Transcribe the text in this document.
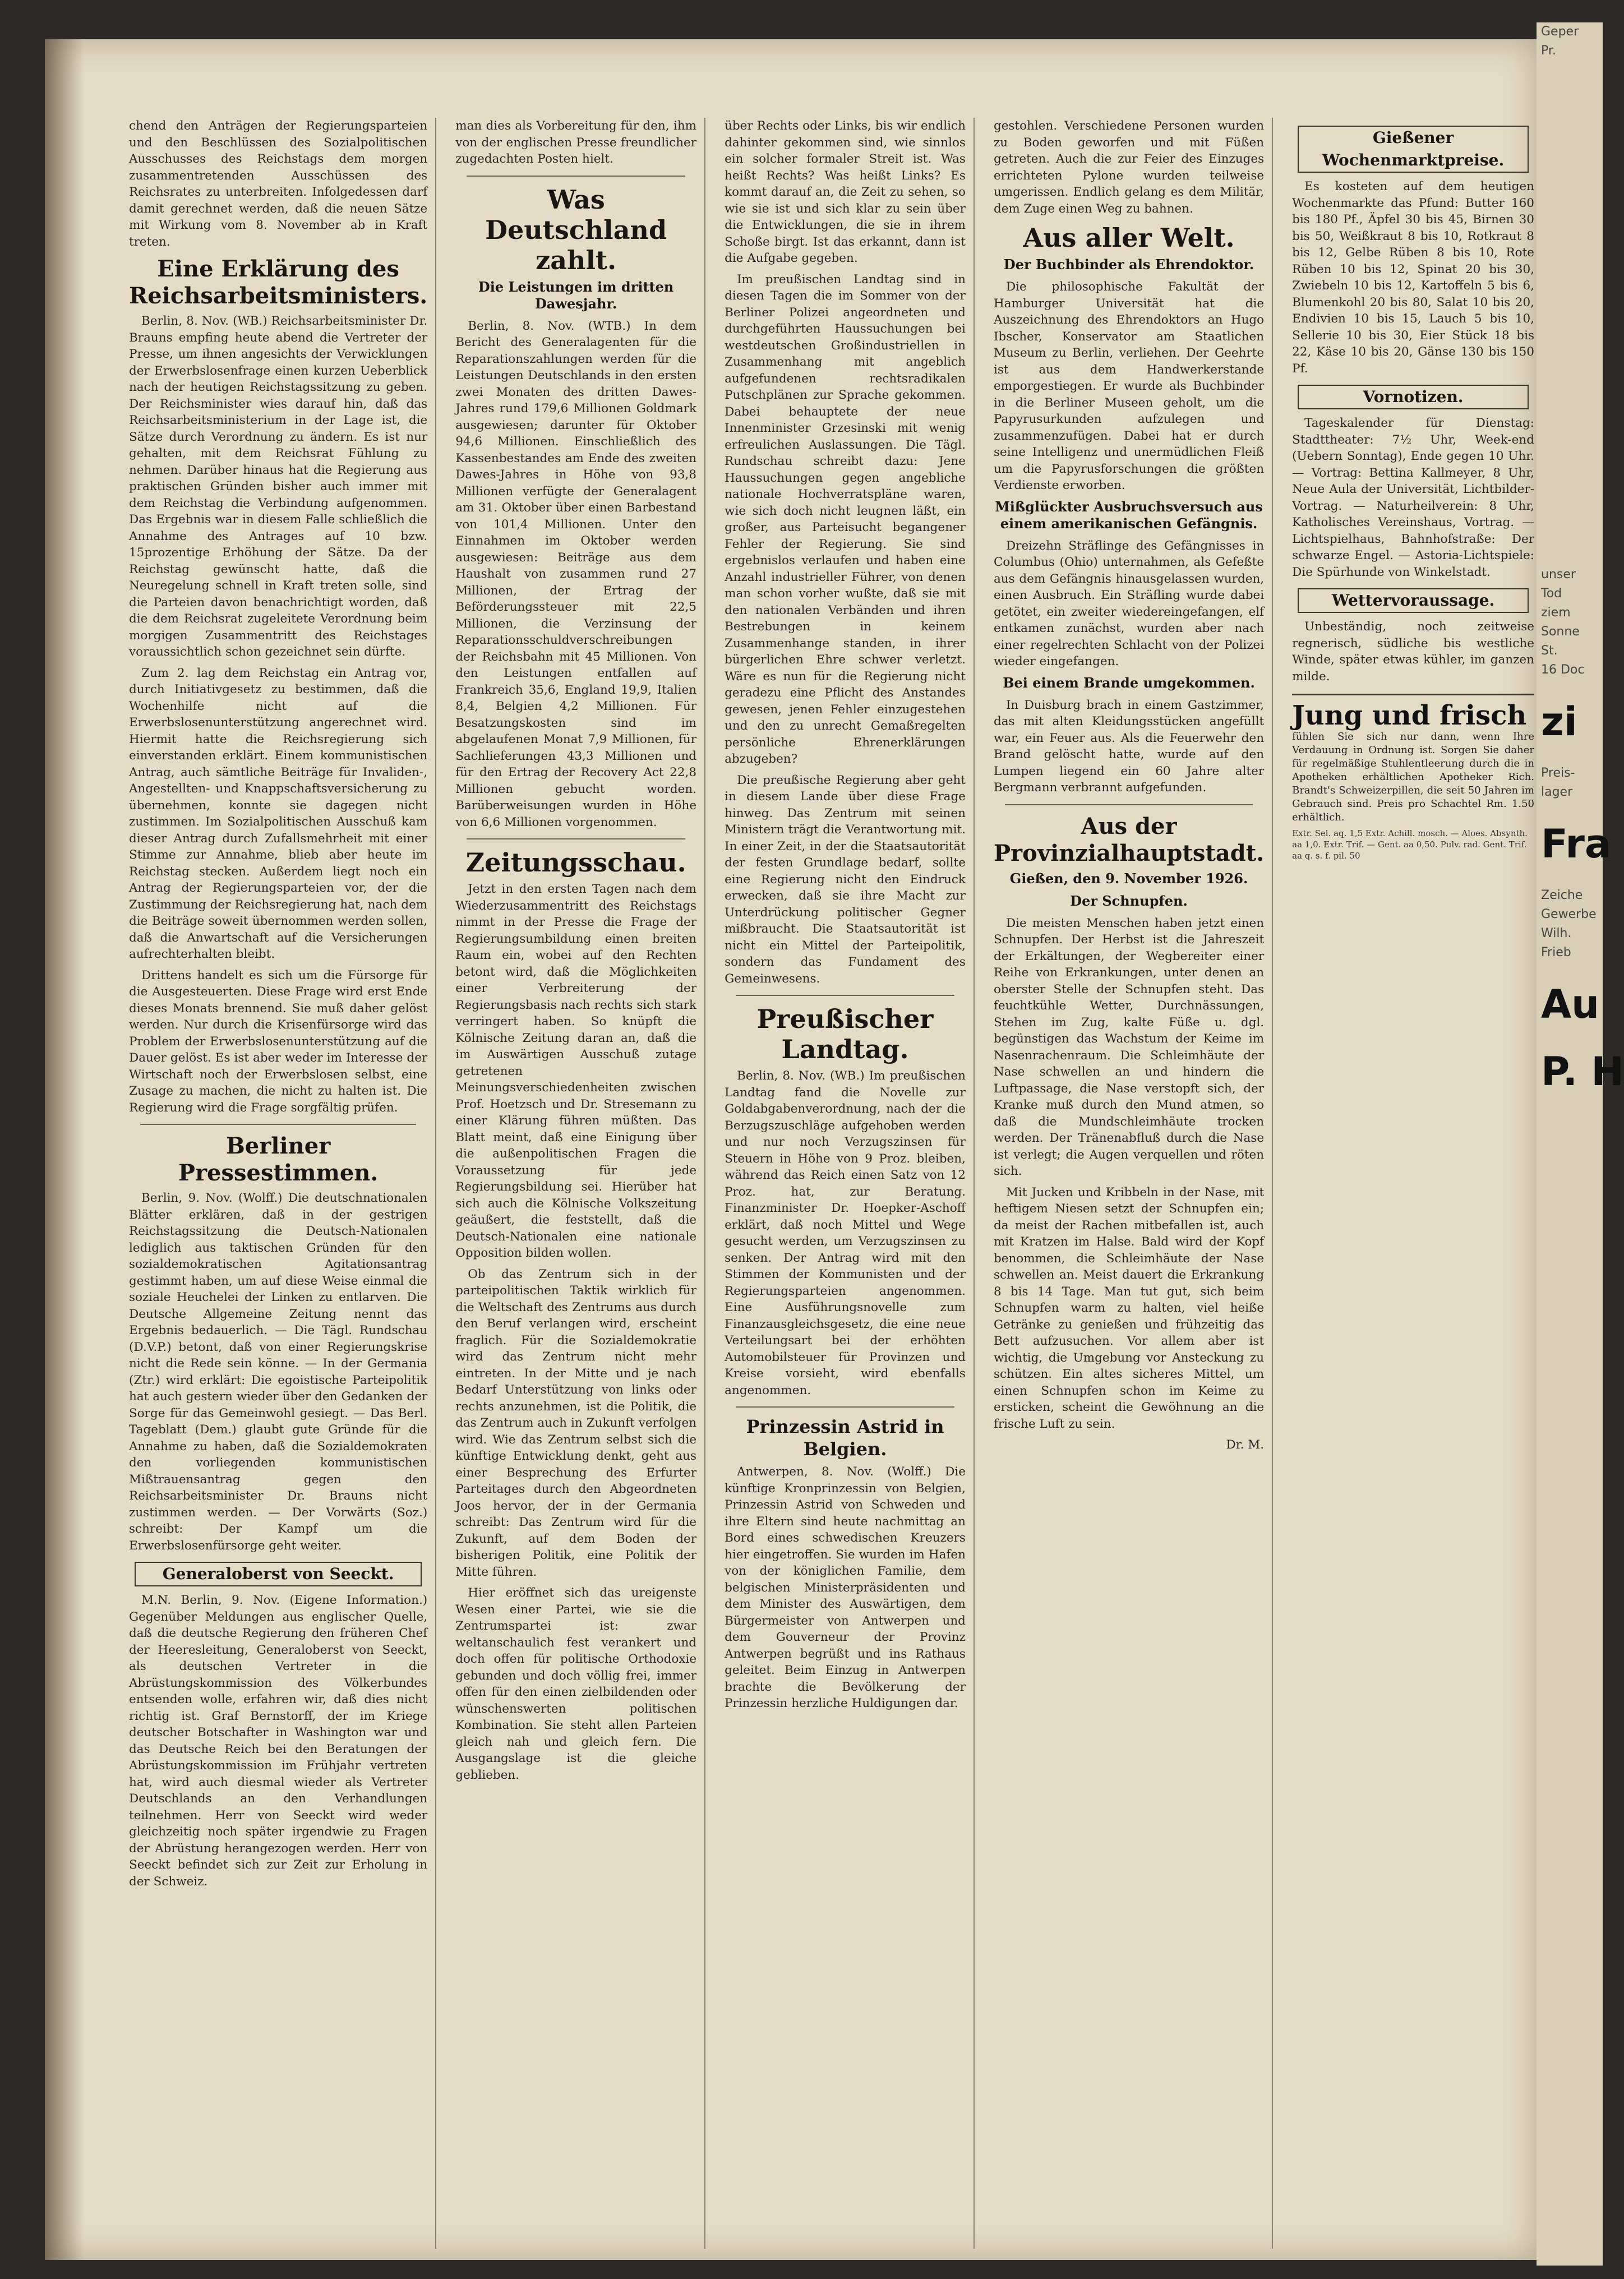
chend den Anträgen der Regierungsparteien und den Beschlüssen des Sozialpolitischen Ausschusses des Reichstags dem morgen zusammentretenden Ausschüssen des Reichsrates zu unterbreiten. Infolgedessen darf damit gerechnet werden, daß die neuen Sätze mit Wirkung vom 8. November ab in Kraft treten.

Eine Erklärung des Reichsarbeitsministers.

Berlin, 8. Nov. (WB.) Reichsarbeitsminister Dr. Brauns empfing heute abend die Vertreter der Presse, um ihnen angesichts der Verwicklungen der Erwerbslosenfrage einen kurzen Ueberblick nach der heutigen Reichstagssitzung zu geben. Der Reichsminister wies darauf hin, daß das Reichsarbeitsministerium in der Lage ist, die Sätze durch Verordnung zu ändern. Es ist nur gehalten, mit dem Reichsrat Fühlung zu nehmen. Darüber hinaus hat die Regierung aus praktischen Gründen bisher auch immer mit dem Reichstag die Verbindung aufgenommen. Das Ergebnis war in diesem Falle schließlich die Annahme des Antrages auf 10 bzw. 15prozentige Erhöhung der Sätze. Da der Reichstag gewünscht hatte, daß die Neuregelung schnell in Kraft treten solle, sind die Parteien davon benachrichtigt worden, daß die dem Reichsrat zugeleitete Verordnung beim morgigen Zusammentritt des Reichstages voraussichtlich schon gezeichnet sein dürfte.

Zum 2. lag dem Reichstag ein Antrag vor, durch Initiativgesetz zu bestimmen, daß die Wochenhilfe nicht auf die Erwerbslosenunterstützung angerechnet wird. Hiermit hatte die Reichsregierung sich einverstanden erklärt. Einem kommunistischen Antrag, auch sämtliche Beiträge für Invaliden-, Angestellten- und Knappschaftsversicherung zu übernehmen, konnte sie dagegen nicht zustimmen. Im Sozialpolitischen Ausschuß kam dieser Antrag durch Zufallsmehrheit mit einer Stimme zur Annahme, blieb aber heute im Reichstag stecken. Außerdem liegt noch ein Antrag der Regierungsparteien vor, der die Zustimmung der Reichsregierung hat, nach dem die Beiträge soweit übernommen werden sollen, daß die Anwartschaft auf die Versicherungen aufrechterhalten bleibt.

Drittens handelt es sich um die Fürsorge für die Ausgesteuerten. Diese Frage wird erst Ende dieses Monats brennend. Sie muß daher gelöst werden. Nur durch die Krisenfürsorge wird das Problem der Erwerbslosenunterstützung auf die Dauer gelöst. Es ist aber weder im Interesse der Wirtschaft noch der Erwerbslosen selbst, eine Zusage zu machen, die nicht zu halten ist. Die Regierung wird die Frage sorgfältig prüfen.

Berliner Pressestimmen.

Berlin, 9. Nov. (Wolff.) Die deutschnationalen Blätter erklären, daß in der gestrigen Reichstagssitzung die Deutsch-Nationalen lediglich aus taktischen Gründen für den sozialdemokratischen Agitationsantrag gestimmt haben, um auf diese Weise einmal die soziale Heuchelei der Linken zu entlarven. Die Deutsche Allgemeine Zeitung nennt das Ergebnis bedauerlich. — Die Tägl. Rundschau (D.V.P.) betont, daß von einer Regierungskrise nicht die Rede sein könne. — In der Germania (Ztr.) wird erklärt: Die egoistische Parteipolitik hat auch gestern wieder über den Gedanken der Sorge für das Gemeinwohl gesiegt. — Das Berl. Tageblatt (Dem.) glaubt gute Gründe für die Annahme zu haben, daß die Sozialdemokraten den vorliegenden kommunistischen Mißtrauensantrag gegen den Reichsarbeitsminister Dr. Brauns nicht zustimmen werden. — Der Vorwärts (Soz.) schreibt: Der Kampf um die Erwerbslosenfürsorge geht weiter.

Generaloberst von Seeckt.

M.N. Berlin, 9. Nov. (Eigene Information.) Gegenüber Meldungen aus englischer Quelle, daß die deutsche Regierung den früheren Chef der Heeresleitung, Generaloberst von Seeckt, als deutschen Vertreter in die Abrüstungskommission des Völkerbundes entsenden wolle, erfahren wir, daß dies nicht richtig ist. Graf Bernstorff, der im Kriege deutscher Botschafter in Washington war und das Deutsche Reich bei den Beratungen der Abrüstungskommission im Frühjahr vertreten hat, wird auch diesmal wieder als Vertreter Deutschlands an den Verhandlungen teilnehmen. Herr von Seeckt wird weder gleichzeitig noch später irgendwie zu Fragen der Abrüstung herangezogen werden. Herr von Seeckt befindet sich zur Zeit zur Erholung in der Schweiz.

man dies als Vorbereitung für den, ihm von der englischen Presse freundlicher zugedachten Posten hielt.

Was Deutschland zahlt.
Die Leistungen im dritten Dawesjahr.

Berlin, 8. Nov. (WTB.) In dem Bericht des Generalagenten für die Reparationszahlungen werden für die Leistungen Deutschlands in den ersten zwei Monaten des dritten Dawes-Jahres rund 179,6 Millionen Goldmark ausgewiesen; darunter für Oktober 94,6 Millionen. Einschließlich des Kassenbestandes am Ende des zweiten Dawes-Jahres in Höhe von 93,8 Millionen verfügte der Generalagent am 31. Oktober über einen Barbestand von 101,4 Millionen. Unter den Einnahmen im Oktober werden ausgewiesen: Beiträge aus dem Haushalt von zusammen rund 27 Millionen, der Ertrag der Beförderungssteuer mit 22,5 Millionen, die Verzinsung der Reparationsschuldverschreibungen der Reichsbahn mit 45 Millionen. Von den Leistungen entfallen auf Frankreich 35,6, England 19,9, Italien 8,4, Belgien 4,2 Millionen. Für Besatzungskosten sind im abgelaufenen Monat 7,9 Millionen, für Sachlieferungen 43,3 Millionen und für den Ertrag der Recovery Act 22,8 Millionen gebucht worden. Barüberweisungen wurden in Höhe von 6,6 Millionen vorgenommen.

Zeitungsschau.

Jetzt in den ersten Tagen nach dem Wiederzusammentritt des Reichstags nimmt in der Presse die Frage der Regierungsumbildung einen breiten Raum ein, wobei auf den Rechten betont wird, daß die Möglichkeiten einer Verbreiterung der Regierungsbasis nach rechts sich stark verringert haben. So knüpft die Kölnische Zeitung daran an, daß die im Auswärtigen Ausschuß zutage getretenen Meinungsverschiedenheiten zwischen Prof. Hoetzsch und Dr. Stresemann zu einer Klärung führen müßten. Das Blatt meint, daß eine Einigung über die außenpolitischen Fragen die Voraussetzung für jede Regierungsbildung sei. Hierüber hat sich auch die Kölnische Volkszeitung geäußert, die feststellt, daß die Deutsch-Nationalen eine nationale Opposition bilden wollen.

Ob das Zentrum sich in der parteipolitischen Taktik wirklich für die Weltschaft des Zentrums aus durch den Beruf verlangen wird, erscheint fraglich. Für die Sozialdemokratie wird das Zentrum nicht mehr eintreten. In der Mitte und je nach Bedarf Unterstützung von links oder rechts anzunehmen, ist die Politik, die das Zentrum auch in Zukunft verfolgen wird. Wie das Zentrum selbst sich die künftige Entwicklung denkt, geht aus einer Besprechung des Erfurter Parteitages durch den Abgeordneten Joos hervor, der in der Germania schreibt: Das Zentrum wird für die Zukunft, auf dem Boden der bisherigen Politik, eine Politik der Mitte führen.

Hier eröffnet sich das ureigenste Wesen einer Partei, wie sie die Zentrumspartei ist: zwar weltanschaulich fest verankert und doch offen für politische Orthodoxie gebunden und doch völlig frei, immer offen für den einen zielbildenden oder wünschenswerten politischen Kombination. Sie steht allen Parteien gleich nah und gleich fern. Die Ausgangslage ist die gleiche geblieben.

über Rechts oder Links, bis wir endlich dahinter gekommen sind, wie sinnlos ein solcher formaler Streit ist. Was heißt Rechts? Was heißt Links? Es kommt darauf an, die Zeit zu sehen, so wie sie ist und sich klar zu sein über die Entwicklungen, die sie in ihrem Schoße birgt. Ist das erkannt, dann ist die Aufgabe gegeben.

Im preußischen Landtag sind in diesen Tagen die im Sommer von der Berliner Polizei angeordneten und durchgeführten Haussuchungen bei westdeutschen Großindustriellen in Zusammenhang mit angeblich aufgefundenen rechtsradikalen Putschplänen zur Sprache gekommen. Dabei behauptete der neue Innenminister Grzesinski mit wenig erfreulichen Auslassungen. Die Tägl. Rundschau schreibt dazu: Jene Haussuchungen gegen angebliche nationale Hochverratspläne waren, wie sich doch nicht leugnen läßt, ein großer, aus Parteisucht begangener Fehler der Regierung. Sie sind ergebnislos verlaufen und haben eine Anzahl industrieller Führer, von denen man schon vorher wußte, daß sie mit den nationalen Verbänden und ihren Bestrebungen in keinem Zusammenhange standen, in ihrer bürgerlichen Ehre schwer verletzt. Wäre es nun für die Regierung nicht geradezu eine Pflicht des Anstandes gewesen, jenen Fehler einzugestehen und den zu unrecht Gemaßregelten persönliche Ehrenerklärungen abzugeben?

Die preußische Regierung aber geht in diesem Lande über diese Frage hinweg. Das Zentrum mit seinen Ministern trägt die Verantwortung mit. In einer Zeit, in der die Staatsautorität der festen Grundlage bedarf, sollte eine Regierung nicht den Eindruck erwecken, daß sie ihre Macht zur Unterdrückung politischer Gegner mißbraucht. Die Staatsautorität ist nicht ein Mittel der Parteipolitik, sondern das Fundament des Gemeinwesens.

Preußischer Landtag.

Berlin, 8. Nov. (WB.) Im preußischen Landtag fand die Novelle zur Goldabgabenverordnung, nach der die Berzugszuschläge aufgehoben werden und nur noch Verzugszinsen für Steuern in Höhe von 9 Proz. bleiben, während das Reich einen Satz von 12 Proz. hat, zur Beratung. Finanzminister Dr. Hoepker-Aschoff erklärt, daß noch Mittel und Wege gesucht werden, um Verzugszinsen zu senken. Der Antrag wird mit den Stimmen der Kommunisten und der Regierungsparteien angenommen. Eine Ausführungsnovelle zum Finanzausgleichsgesetz, die eine neue Verteilungsart bei der erhöhten Automobilsteuer für Provinzen und Kreise vorsieht, wird ebenfalls angenommen.

Prinzessin Astrid in Belgien.

Antwerpen, 8. Nov. (Wolff.) Die künftige Kronprinzessin von Belgien, Prinzessin Astrid von Schweden und ihre Eltern sind heute nachmittag an Bord eines schwedischen Kreuzers hier eingetroffen. Sie wurden im Hafen von der königlichen Familie, dem belgischen Ministerpräsidenten und dem Minister des Auswärtigen, dem Bürgermeister von Antwerpen und dem Gouverneur der Provinz Antwerpen begrüßt und ins Rathaus geleitet. Beim Einzug in Antwerpen brachte die Bevölkerung der Prinzessin herzliche Huldigungen dar.

gestohlen. Verschiedene Personen wurden zu Boden geworfen und mit Füßen getreten. Auch die zur Feier des Einzuges errichteten Pylone wurden teilweise umgerissen. Endlich gelang es dem Militär, dem Zuge einen Weg zu bahnen.

Aus aller Welt.
Der Buchbinder als Ehrendoktor.

Die philosophische Fakultät der Hamburger Universität hat die Auszeichnung des Ehrendoktors an Hugo Ibscher, Konservator am Staatlichen Museum zu Berlin, verliehen. Der Geehrte ist aus dem Handwerkerstande emporgestiegen. Er wurde als Buchbinder in die Berliner Museen geholt, um die Papyrusurkunden aufzulegen und zusammenzufügen. Dabei hat er durch seine Intelligenz und unermüdlichen Fleiß um die Papyrusforschungen die größten Verdienste erworben.

Mißglückter Ausbruchsversuch aus einem amerikanischen Gefängnis.

Dreizehn Sträflinge des Gefängnisses in Columbus (Ohio) unternahmen, als Gefeßte aus dem Gefängnis hinausgelassen wurden, einen Ausbruch. Ein Sträfling wurde dabei getötet, ein zweiter wiedereingefangen, elf entkamen zunächst, wurden aber nach einer regelrechten Schlacht von der Polizei wieder eingefangen.

Bei einem Brande umgekommen.

In Duisburg brach in einem Gastzimmer, das mit alten Kleidungsstücken angefüllt war, ein Feuer aus. Als die Feuerwehr den Brand gelöscht hatte, wurde auf den Lumpen liegend ein 60 Jahre alter Bergmann verbrannt aufgefunden.

Aus der Provinzialhauptstadt.
Gießen, den 9. November 1926.
Der Schnupfen.

Die meisten Menschen haben jetzt einen Schnupfen. Der Herbst ist die Jahreszeit der Erkältungen, der Wegbereiter einer Reihe von Erkrankungen, unter denen an oberster Stelle der Schnupfen steht. Das feuchtkühle Wetter, Durchnässungen, Stehen im Zug, kalte Füße u. dgl. begünstigen das Wachstum der Keime im Nasenrachenraum. Die Schleimhäute der Nase schwellen an und hindern die Luftpassage, die Nase verstopft sich, der Kranke muß durch den Mund atmen, so daß die Mundschleimhäute trocken werden. Der Tränenabfluß durch die Nase ist verlegt; die Augen verquellen und röten sich.

Mit Jucken und Kribbeln in der Nase, mit heftigem Niesen setzt der Schnupfen ein; da meist der Rachen mitbefallen ist, auch mit Kratzen im Halse. Bald wird der Kopf benommen, die Schleimhäute der Nase schwellen an. Meist dauert die Erkrankung 8 bis 14 Tage. Man tut gut, sich beim Schnupfen warm zu halten, viel heiße Getränke zu genießen und frühzeitig das Bett aufzusuchen. Vor allem aber ist wichtig, die Umgebung vor Ansteckung zu schützen. Ein altes sicheres Mittel, um einen Schnupfen schon im Keime zu ersticken, scheint die Gewöhnung an die frische Luft zu sein.

Dr. M.

Gießener Wochenmarktpreise.

Es kosteten auf dem heutigen Wochenmarkte das Pfund: Butter 160 bis 180 Pf., Äpfel 30 bis 45, Birnen 30 bis 50, Weißkraut 8 bis 10, Rotkraut 8 bis 12, Gelbe Rüben 8 bis 10, Rote Rüben 10 bis 12, Spinat 20 bis 30, Zwiebeln 10 bis 12, Kartoffeln 5 bis 6, Blumenkohl 20 bis 80, Salat 10 bis 20, Endivien 10 bis 15, Lauch 5 bis 10, Sellerie 10 bis 30, Eier Stück 18 bis 22, Käse 10 bis 20, Gänse 130 bis 150 Pf.

Vornotizen.

Tageskalender für Dienstag: Stadttheater: 7½ Uhr, Week-end (Uebern Sonntag), Ende gegen 10 Uhr. — Vortrag: Bettina Kallmeyer, 8 Uhr, Neue Aula der Universität, Lichtbilder-Vortrag. — Naturheilverein: 8 Uhr, Katholisches Vereinshaus, Vortrag. — Lichtspielhaus, Bahnhofstraße: Der schwarze Engel. — Astoria-Lichtspiele: Die Spürhunde von Winkelstadt.

Wettervoraussage.

Unbeständig, noch zeitweise regnerisch, südliche bis westliche Winde, später etwas kühler, im ganzen milde.

Jung und frisch
fühlen Sie sich nur dann, wenn Ihre Verdauung in Ordnung ist. Sorgen Sie daher für regelmäßige Stuhlentleerung durch die in Apotheken erhältlichen Apotheker Rich. Brandt's Schweizerpillen, die seit 50 Jahren im Gebrauch sind. Preis pro Schachtel Rm. 1.50 erhältlich.
Extr. Sel. aq. 1,5 Extr. Achill. mosch. — Aloes. Absynth. aa 1,0. Extr. Trif. — Gent. aa 0,50. Pulv. rad. Gent. Trif. aa q. s. f. pil. 50
Geper
Pr.
unser
Tod
ziem
Sonne
St.
16 Doc
zi
Preis-
lager
Fra
Zeiche
Gewerbe
Wilh.
Frieb
Au
P. H
